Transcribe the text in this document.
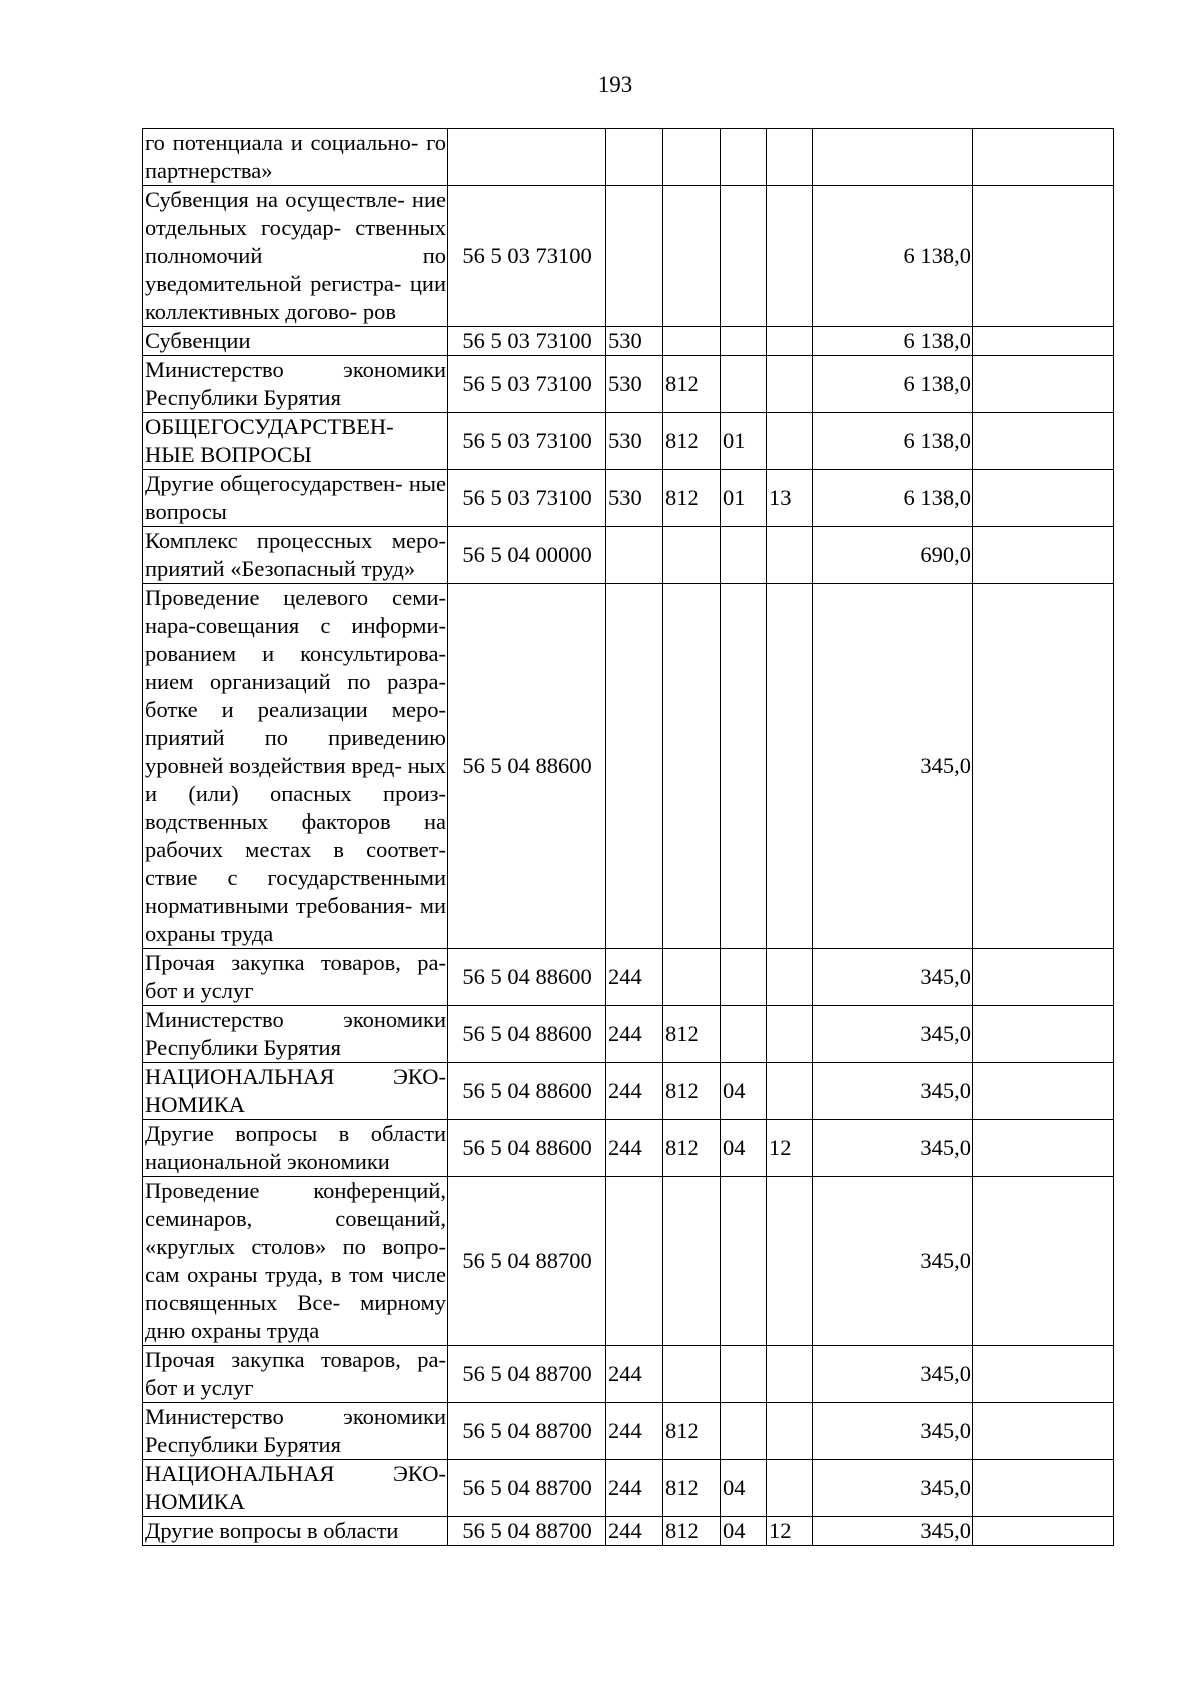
193
го потенциала и социально- го партнерства»							
Субвенция на осуществле- ние отдельных государ- ственных полномочий по уведомительной регистра- ции коллективных догово- ров	56 5 03 73100					6 138,0	
Субвенции	56 5 03 73100	530				6 138,0	
Министерство экономики Республики Бурятия	56 5 03 73100	530	812			6 138,0	
ОБЩЕГОСУДАРСТВЕН- НЫЕ ВОПРОСЫ	56 5 03 73100	530	812	01		6 138,0	
Другие общегосударствен- ные вопросы	56 5 03 73100	530	812	01	13	6 138,0	
Комплекс процессных меро- приятий «Безопасный труд»	56 5 04 00000					690,0	
Проведение целевого семи- нара-совещания с информи- рованием и консультирова- нием организаций по разра- ботке и реализации меро- приятий по приведению уровней воздействия вред- ных и (или) опасных произ- водственных факторов на рабочих местах в соответ- ствие с государственными нормативными требования- ми охраны труда	56 5 04 88600					345,0	
Прочая закупка товаров, ра- бот и услуг	56 5 04 88600	244				345,0	
Министерство экономики Республики Бурятия	56 5 04 88600	244	812			345,0	
НАЦИОНАЛЬНАЯ ЭКО- НОМИКА	56 5 04 88600	244	812	04		345,0	
Другие вопросы в области национальной экономики	56 5 04 88600	244	812	04	12	345,0	
Проведение конференций, семинаров, совещаний, «круглых столов» по вопро- сам охраны труда, в том числе посвященных Все- мирному дню охраны труда	56 5 04 88700					345,0	
Прочая закупка товаров, ра- бот и услуг	56 5 04 88700	244				345,0	
Министерство экономики Республики Бурятия	56 5 04 88700	244	812			345,0	
НАЦИОНАЛЬНАЯ ЭКО- НОМИКА	56 5 04 88700	244	812	04		345,0	
Другие вопросы в области	56 5 04 88700	244	812	04	12	345,0	
